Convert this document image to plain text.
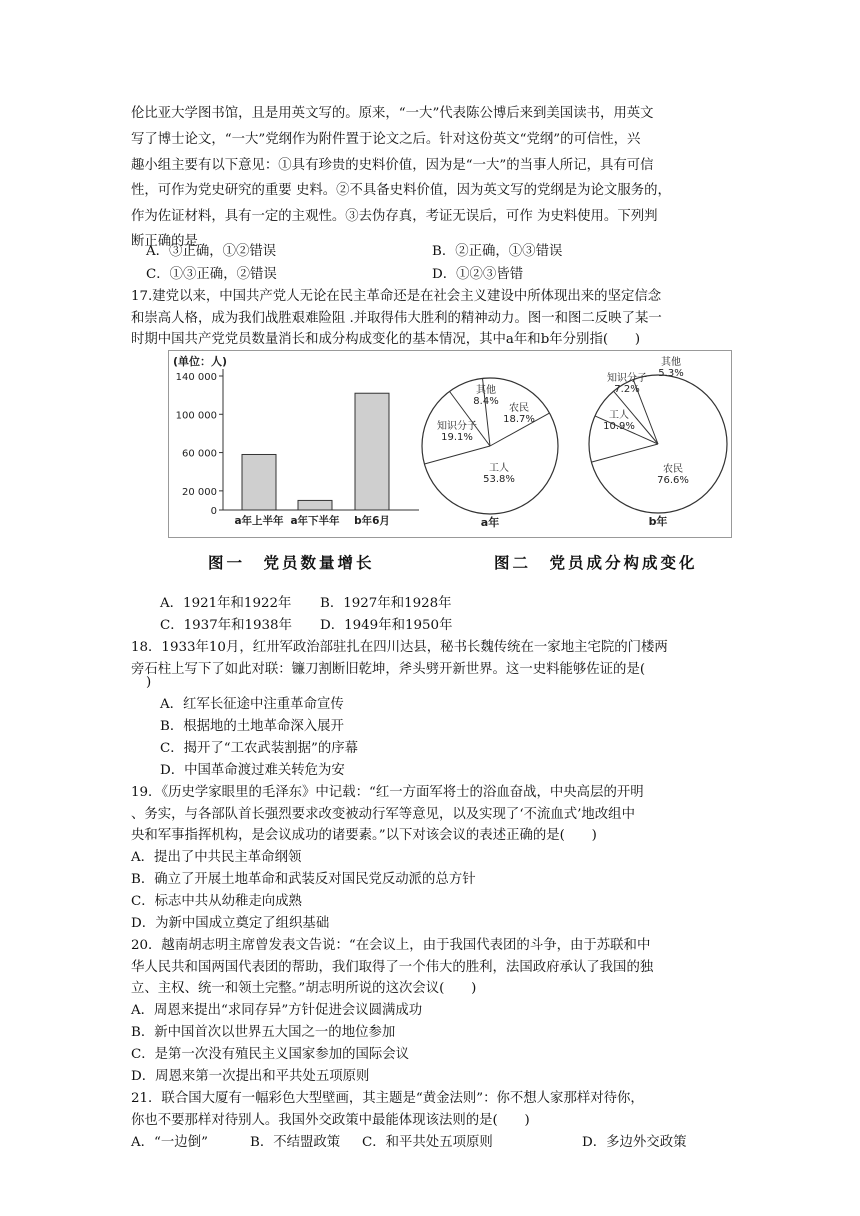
伦比亚大学图书馆，且是用英文写的。原来，“一大”代表陈公博后来到美国读书，用英文
写了博士论文，“一大”党纲作为附件置于论文之后。针对这份英文“党纲”的可信性，兴
趣小组主要有以下意见：①具有珍贵的史料价值，因为是“一大”的当事人所记，具有可信
性，可作为党史研究的重要 史料。②不具备史料价值，因为英文写的党纲是为论文服务的，
作为佐证材料，具有一定的主观性。③去伪存真，考证无误后，可作 为史料使用。下列判
断正确的是
A．③正确，①②错误	B．②正确，①③错误
C．①③正确，②错误	D．①②③皆错
17.建党以来，中国共产党人无论在民主革命还是在社会主义建设中所体现出来的坚定信念
和崇高人格，成为我们战胜艰难险阻 .并取得伟大胜利的精神动力。图一和图二反映了某一
时期中国共产党党员数量消长和成分构成变化的基本情况，其中a年和b年分别指(　　)
(单位：人)
140 000
100 000
60 000
20 000
0
a年上半年 a年下半年 b年6月
工人
53.8%
知识分子
19.1%
其他
8.4%
农民
18.7%
a年
农民
76.6%
工人
10.9%
知识分子
7.2%
其他
5.3%
b年
图一　党员数量增长	图二　党员成分构成变化
A．1921年和1922年 B．1927年和1928年
C．1937年和1938年 D．1949年和1950年
18．1933年10月，红卅军政治部驻扎在四川达县，秘书长魏传统在一家地主宅院的门楼两
旁石柱上写下了如此对联：镰刀割断旧乾坤，斧头劈开新世界。这一史料能够佐证的是(
)
A．红军长征途中注重革命宣传
B．根据地的土地革命深入展开
C．揭开了“工农武装割据”的序幕
D．中国革命渡过难关转危为安
19．《历史学家眼里的毛泽东》中记载：“红一方面军将士的浴血奋战，中央高层的开明
、务实，与各部队首长强烈要求改变被动行军等意见，以及实现了‘不流血式’地改组中
央和军事指挥机构，是会议成功的诸要素。”以下对该会议的表述正确的是(　　)
A．提出了中共民主革命纲领
B．确立了开展土地革命和武装反对国民党反动派的总方针
C．标志中共从幼稚走向成熟
D．为新中国成立奠定了组织基础
20．越南胡志明主席曾发表文告说：“在会议上，由于我国代表团的斗争，由于苏联和中
华人民共和国两国代表团的帮助，我们取得了一个伟大的胜利，法国政府承认了我国的独
立、主权、统一和领土完整。”胡志明所说的这次会议(　　)
A．周恩来提出“求同存异”方针促进会议圆满成功
B．新中国首次以世界五大国之一的地位参加
C．是第一次没有殖民主义国家参加的国际会议
D．周恩来第一次提出和平共处五项原则
21．联合国大厦有一幅彩色大型壁画，其主题是“黄金法则”：你不想人家那样对待你，
你也不要那样对待别人。我国外交政策中最能体现该法则的是(　　)
A．“一边倒”	B．不结盟政策 C．和平共处五项原则	D．多边外交政策
